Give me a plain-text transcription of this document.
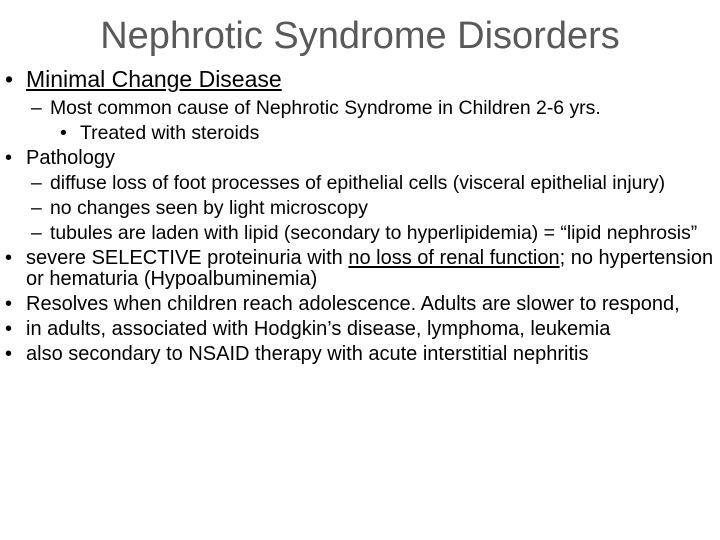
Nephrotic Syndrome Disorders
• Minimal Change Disease
– Most common cause of Nephrotic Syndrome in Children 2-6 yrs.
• Treated with steroids
• Pathology
– diffuse loss of foot processes of epithelial cells (visceral epithelial injury)
– no changes seen by light microscopy
– tubules are laden with lipid (secondary to hyperlipidemia) = “lipid nephrosis”
• severe SELECTIVE proteinuria with no loss of renal function; no hypertension or hematuria (Hypoalbuminemia)
• Resolves when children reach adolescence. Adults are slower to respond,
• in adults, associated with Hodgkin’s disease, lymphoma, leukemia
• also secondary to NSAID therapy with acute interstitial nephritis
